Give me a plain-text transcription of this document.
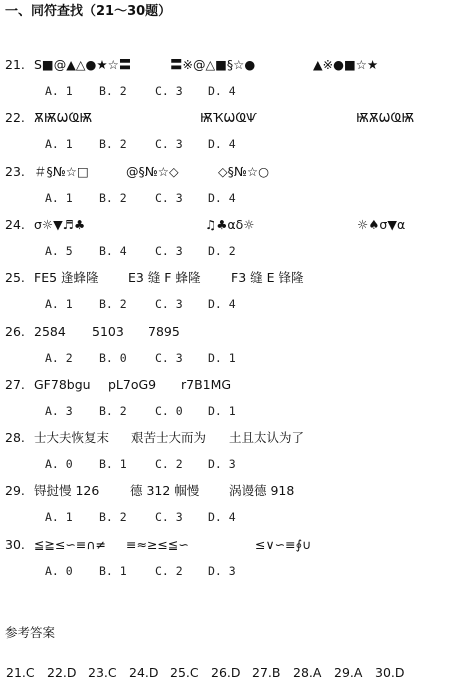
一、同符查找（21～30题）
21. S■@▲△●★☆〓	〓※@△■§☆●	▲※●■☆★
A. 1 B. 2 C. 3 D. 4
22. ѪѬѠҨѬ	ѬҠѠҨѰ	ѬѪѠҨѬ
A. 1 B. 2 C. 3 D. 4
23. ＃§№☆□	@§№☆◇	◇§№☆○
A. 1 B. 2 C. 3 D. 4
24. σ☼▼♬♣	♫♣αδ☼	☼♠σ▼α
A. 5 B. 4 C. 3 D. 2
25. FE5 逢蜂隆 E3 缝 F 蜂隆 F3 缝 E 锋隆
A. 1 B. 2 C. 3 D. 4
26. 2584 5103 7895
A. 2 B. 0 C. 3 D. 1
27. GF78bgu pL7oG9 r7B1MG
A. 3 B. 2 C. 0 D. 1
28. 士大夫恢复末 艰苦士大而为 土且太认为了
A. 0 B. 1 C. 2 D. 3
29. 锝挝慢 126 德 312 帼慢 涡谩德 918
A. 1 B. 2 C. 3 D. 4
30. ≦≧≤∽≡∩≠ ≡≈≥≤≦∽	≤∨∽≡∮∪
A. 0 B. 1 C. 2 D. 3
参考答案
21.C 22.D 23.C 24.D 25.C 26.D 27.B 28.A 29.A 30.D
